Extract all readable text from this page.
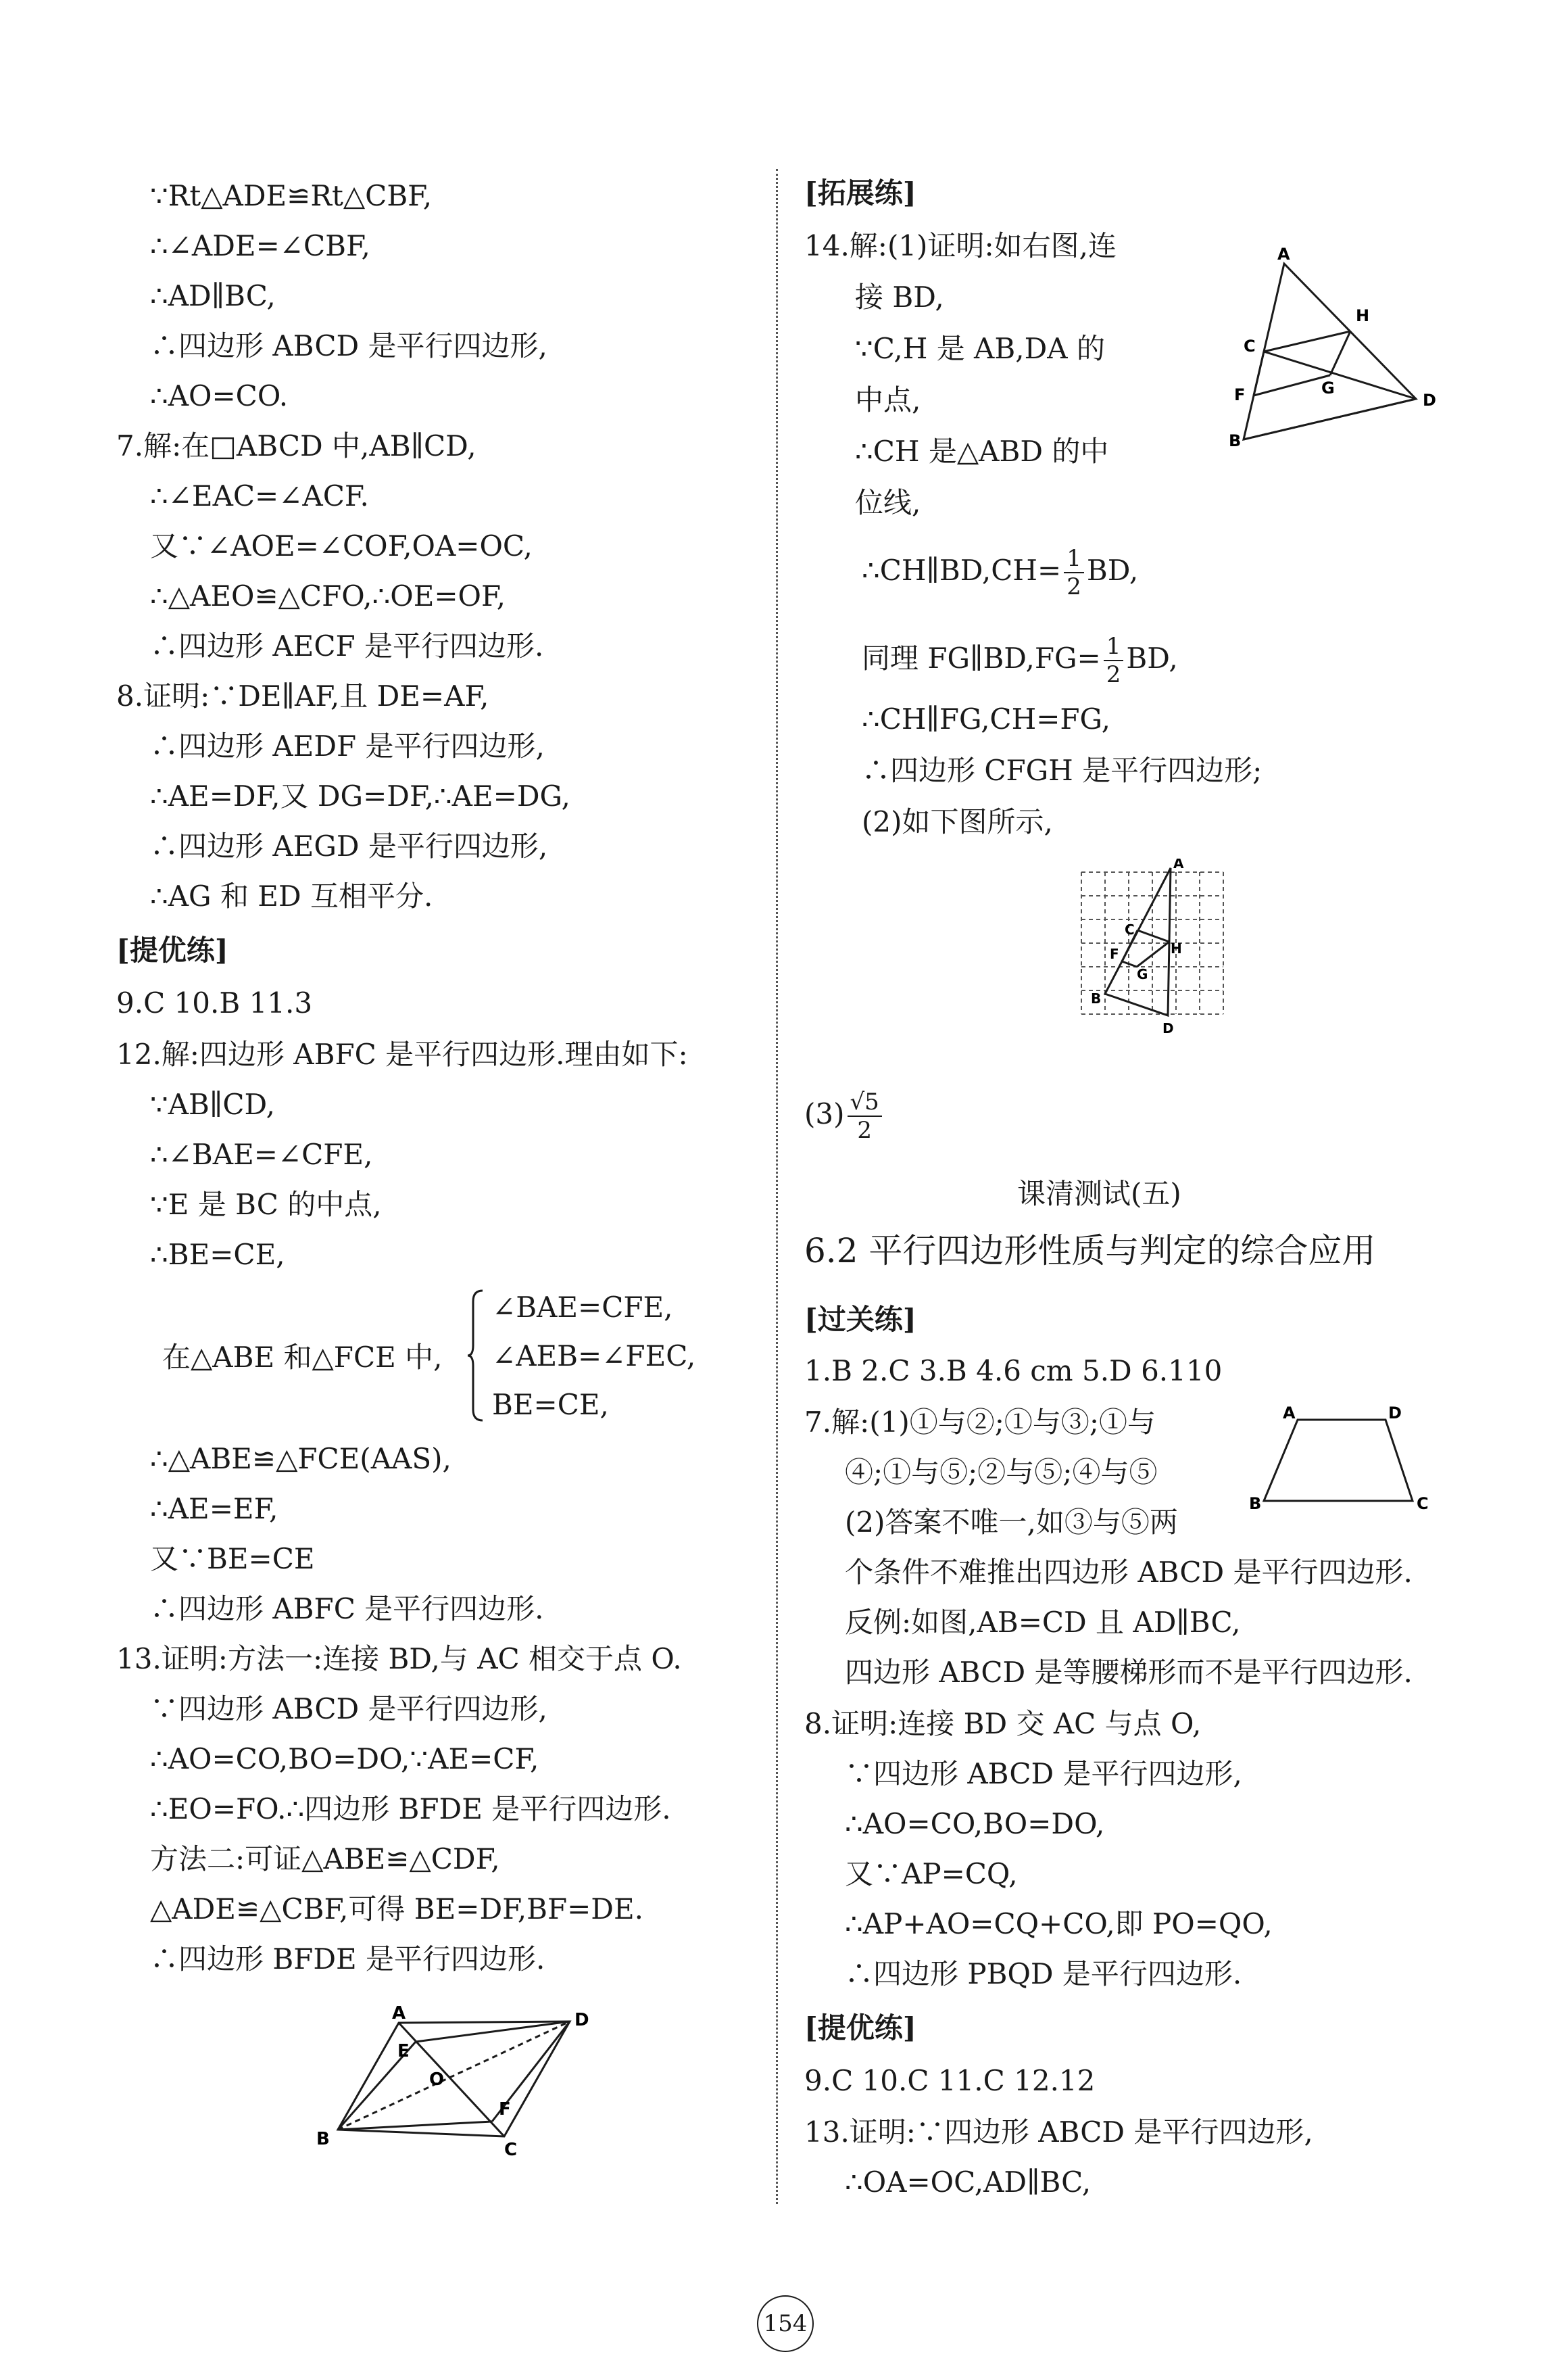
∵Rt△ADE≌Rt△CBF,
∴∠ADE=∠CBF,
∴AD∥BC,
∴四边形 ABCD 是平行四边形,
∴AO=CO.
7.解:在□ABCD 中,AB∥CD,
∴∠EAC=∠ACF.
又∵∠AOE=∠COF,OA=OC,
∴△AEO≌△CFO,∴OE=OF,
∴四边形 AECF 是平行四边形.
8.证明:∵DE∥AF,且 DE=AF,
∴四边形 AEDF 是平行四边形,
∴AE=DF,又 DG=DF,∴AE=DG,
∴四边形 AEGD 是平行四边形,
∴AG 和 ED 互相平分.
[提优练]
9.C 10.B 11.3
12.解:四边形 ABFC 是平行四边形.理由如下:
∵AB∥CD,
∴∠BAE=∠CFE,
∵E 是 BC 的中点,
∴BE=CE,
在△ABE 和△FCE 中,
∠BAE=CFE,
∠AEB=∠FEC,
BE=CE,
∴△ABE≌△FCE(AAS),
∴AE=EF,
又∵BE=CE
∴四边形 ABFC 是平行四边形.
13.证明:方法一:连接 BD,与 AC 相交于点 O.
∵四边形 ABCD 是平行四边形,
∴AO=CO,BO=DO,∵AE=CF,
∴EO=FO.∴四边形 BFDE 是平行四边形.
方法二:可证△ABE≌△CDF,
△ADE≌△CBF,可得 BE=DF,BF=DE.
∴四边形 BFDE 是平行四边形.
A	D
E
O
F
B
C
[拓展练]
14.解:(1)证明:如右图,连
接 BD,
∵C,H 是 AB,DA 的
中点,
∴CH 是△ABD 的中
位线,
A
H
C
G
F	D
B
∴CH∥BD,CH= $\frac{1}{2}$ BD,
同理 FG∥BD,FG= $\frac{1}{2}$ BD,
∴CH∥FG,CH=FG,
∴四边形 CFGH 是平行四边形;
(2)如下图所示,
A
C
F	H
G
B
D
$(3) \frac{√5}{2}$
课清测试(五)
6.2 平行四边形性质与判定的综合应用
[过关练]
1.B 2.C 3.B 4.6 cm 5.D 6.110
7.解:(1)①与②;①与③;①与
④;①与⑤;②与⑤;④与⑤
(2)答案不唯一,如③与⑤两
个条件不难推出四边形 ABCD 是平行四边形.
反例:如图,AB=CD 且 AD∥BC,
四边形 ABCD 是等腰梯形而不是平行四边形.
A	D
B	C
8.证明:连接 BD 交 AC 与点 O,
∵四边形 ABCD 是平行四边形,
∴AO=CO,BO=DO,
又∵AP=CQ,
∴AP+AO=CQ+CO,即 PO=QO,
∴四边形 PBQD 是平行四边形.
[提优练]
9.C 10.C 11.C 12.12
13.证明:∵四边形 ABCD 是平行四边形,
∴OA=OC,AD∥BC,
154
